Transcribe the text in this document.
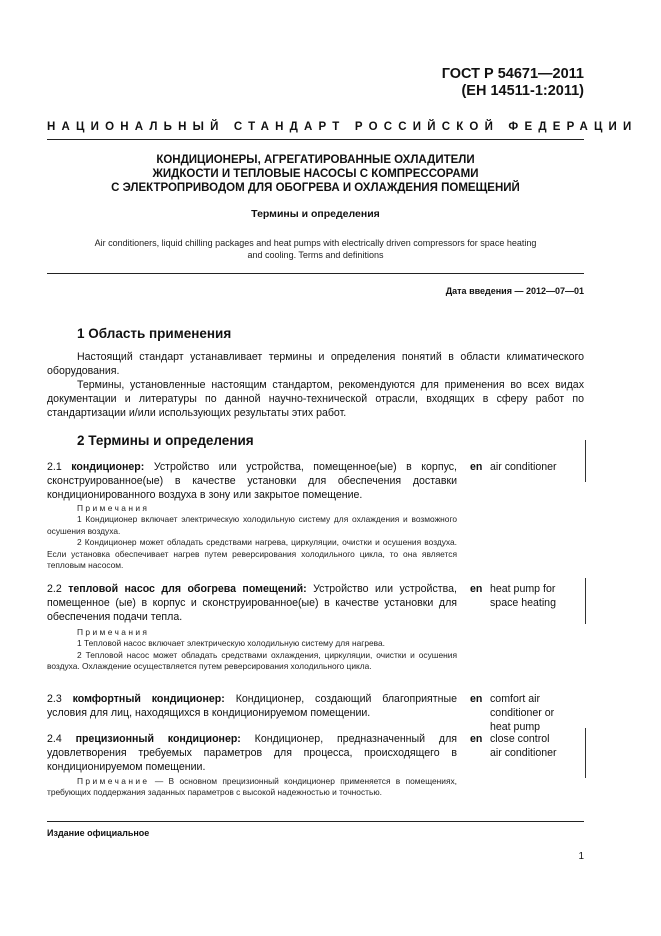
ГОСТ Р 54671—2011
(ЕН 14511-1:2011)
НАЦИОНАЛЬНЫЙ СТАНДАРТ РОССИЙСКОЙ ФЕДЕРАЦИИ
КОНДИЦИОНЕРЫ, АГРЕГАТИРОВАННЫЕ ОХЛАДИТЕЛИ
ЖИДКОСТИ И ТЕПЛОВЫЕ НАСОСЫ С КОМПРЕССОРАМИ
С ЭЛЕКТРОПРИВОДОМ ДЛЯ ОБОГРЕВА И ОХЛАЖДЕНИЯ ПОМЕЩЕНИЙ
Термины и определения
Air conditioners, liquid chilling packages and heat pumps with electrically driven compressors for space heating
and cooling. Terms and definitions
Дата введения — 2012—07—01
1 Область применения
Настоящий стандарт устанавливает термины и определения понятий в области климатического оборудования.
Термины, установленные настоящим стандартом, рекомендуются для применения во всех видах документации и литературы по данной научно-технической отрасли, входящих в сферу работ по стандартизации и/или использующих результаты этих работ.
2 Термины и определения
2.1 кондиционер: Устройство или устройства, помещенное(ые) в корпус, сконструированное(ые) в качестве установки для обеспечения доставки кондиционированного воздуха в зону или закрытое помещение.
en air conditioner
Примечания
1 Кондиционер включает электрическую холодильную систему для охлаждения и возможного осушения воздуха.
2 Кондиционер может обладать средствами нагрева, циркуляции, очистки и осушения воздуха. Если установка обеспечивает нагрев путем реверсирования холодильного цикла, то она является тепловым насосом.
2.2 тепловой насос для обогрева помещений: Устройство или устройства, помещенное (ые) в корпус и сконструированное(ые) в качестве установки для обеспечения подачи тепла.
en heat pump for
space heating
Примечания
1 Тепловой насос включает электрическую холодильную систему для нагрева.
2 Тепловой насос может обладать средствами охлаждения, циркуляции, очистки и осушения воздуха. Охлаждение осуществляется путем реверсирования холодильного цикла.
2.3 комфортный кондиционер: Кондиционер, создающий благоприятные условия для лиц, находящихся в кондиционируемом помещении.
en comfort air
conditioner or
heat pump
2.4 прецизионный кондиционер: Кондиционер, предназначенный для удовлетворения требуемых параметров для процесса, происходящего в кондиционируемом помещении.
en close control
air conditioner
Примечание — В основном прецизионный кондиционер применяется в помещениях, требующих поддержания заданных параметров с высокой надежностью и точностью.
Издание официальное
1
